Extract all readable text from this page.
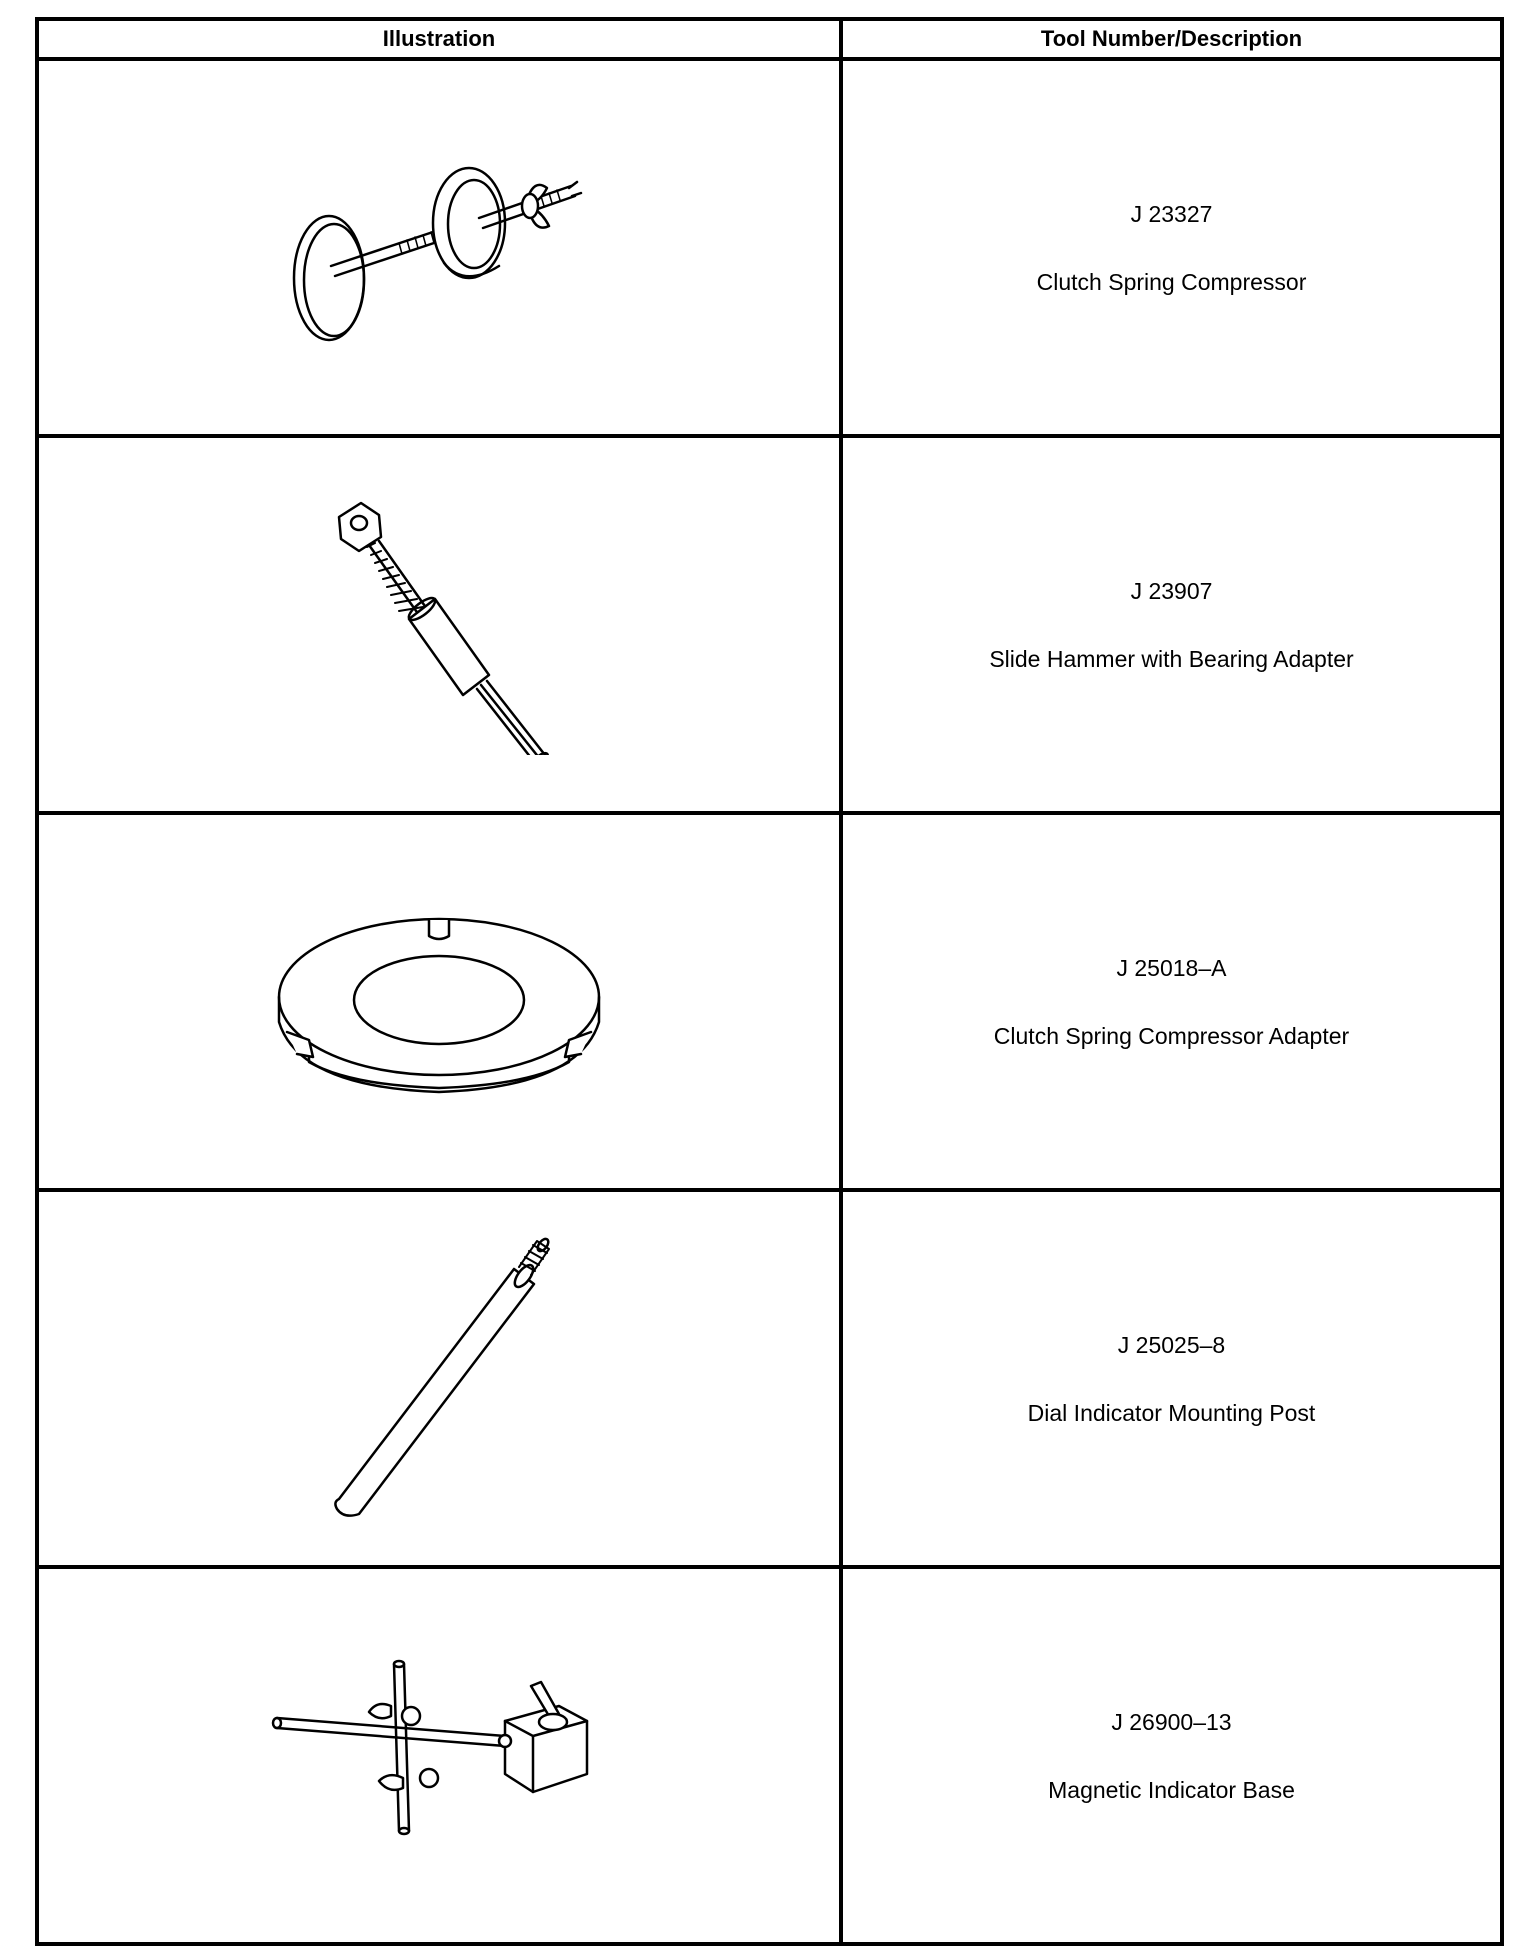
Illustration	Tool Number/Description

J 23327
Clutch Spring Compressor

J 23907
Slide Hammer with Bearing Adapter

J 25018–A
Clutch Spring Compressor Adapter

J 25025–8
Dial Indicator Mounting Post

J 26900–13
Magnetic Indicator Base
